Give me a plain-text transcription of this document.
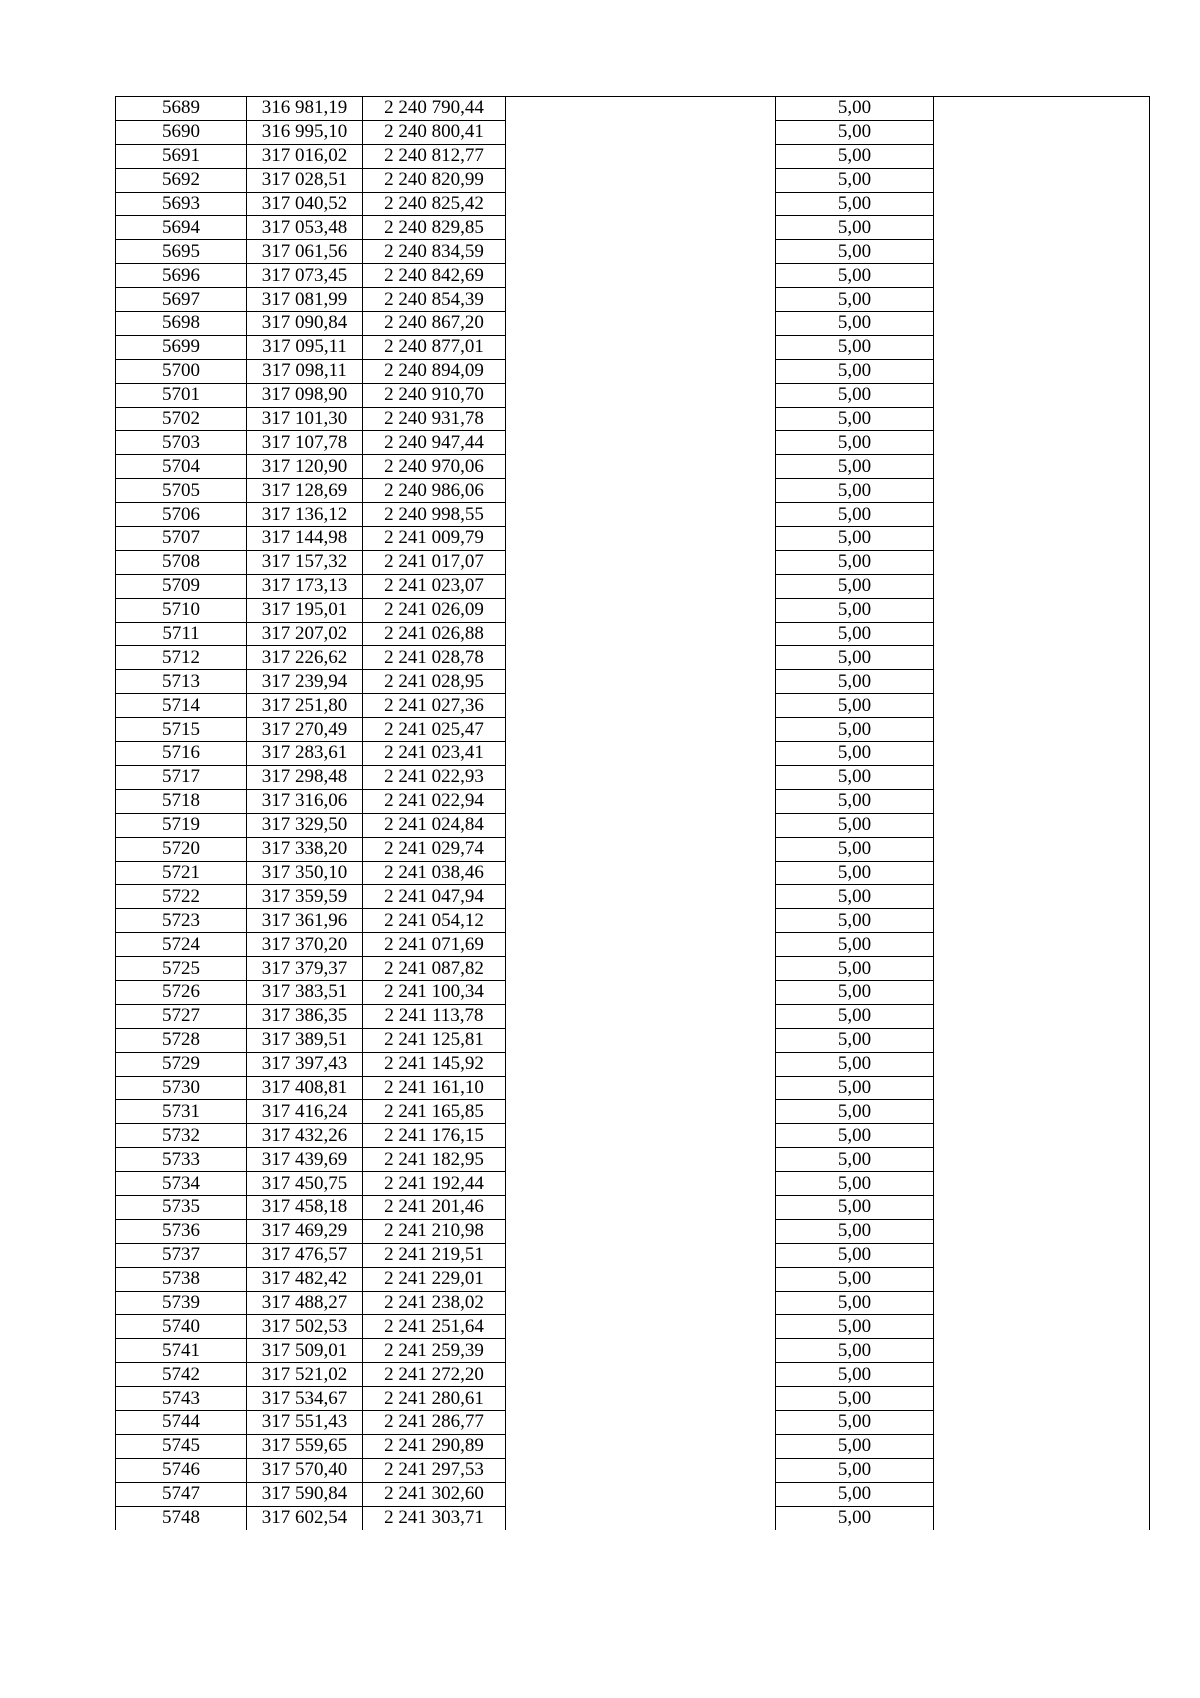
5689	316 981,19	2 240 790,44		5,00	
5690	316 995,10	2 240 800,41		5,00	
5691	317 016,02	2 240 812,77		5,00	
5692	317 028,51	2 240 820,99		5,00	
5693	317 040,52	2 240 825,42		5,00	
5694	317 053,48	2 240 829,85		5,00	
5695	317 061,56	2 240 834,59		5,00	
5696	317 073,45	2 240 842,69		5,00	
5697	317 081,99	2 240 854,39		5,00	
5698	317 090,84	2 240 867,20		5,00	
5699	317 095,11	2 240 877,01		5,00	
5700	317 098,11	2 240 894,09		5,00	
5701	317 098,90	2 240 910,70		5,00	
5702	317 101,30	2 240 931,78		5,00	
5703	317 107,78	2 240 947,44		5,00	
5704	317 120,90	2 240 970,06		5,00	
5705	317 128,69	2 240 986,06		5,00	
5706	317 136,12	2 240 998,55		5,00	
5707	317 144,98	2 241 009,79		5,00	
5708	317 157,32	2 241 017,07		5,00	
5709	317 173,13	2 241 023,07		5,00	
5710	317 195,01	2 241 026,09		5,00	
5711	317 207,02	2 241 026,88		5,00	
5712	317 226,62	2 241 028,78		5,00	
5713	317 239,94	2 241 028,95		5,00	
5714	317 251,80	2 241 027,36		5,00	
5715	317 270,49	2 241 025,47		5,00	
5716	317 283,61	2 241 023,41		5,00	
5717	317 298,48	2 241 022,93		5,00	
5718	317 316,06	2 241 022,94		5,00	
5719	317 329,50	2 241 024,84		5,00	
5720	317 338,20	2 241 029,74		5,00	
5721	317 350,10	2 241 038,46		5,00	
5722	317 359,59	2 241 047,94		5,00	
5723	317 361,96	2 241 054,12		5,00	
5724	317 370,20	2 241 071,69		5,00	
5725	317 379,37	2 241 087,82		5,00	
5726	317 383,51	2 241 100,34		5,00	
5727	317 386,35	2 241 113,78		5,00	
5728	317 389,51	2 241 125,81		5,00	
5729	317 397,43	2 241 145,92		5,00	
5730	317 408,81	2 241 161,10		5,00	
5731	317 416,24	2 241 165,85		5,00	
5732	317 432,26	2 241 176,15		5,00	
5733	317 439,69	2 241 182,95		5,00	
5734	317 450,75	2 241 192,44		5,00	
5735	317 458,18	2 241 201,46		5,00	
5736	317 469,29	2 241 210,98		5,00	
5737	317 476,57	2 241 219,51		5,00	
5738	317 482,42	2 241 229,01		5,00	
5739	317 488,27	2 241 238,02		5,00	
5740	317 502,53	2 241 251,64		5,00	
5741	317 509,01	2 241 259,39		5,00	
5742	317 521,02	2 241 272,20		5,00	
5743	317 534,67	2 241 280,61		5,00	
5744	317 551,43	2 241 286,77		5,00	
5745	317 559,65	2 241 290,89		5,00	
5746	317 570,40	2 241 297,53		5,00	
5747	317 590,84	2 241 302,60		5,00	
5748	317 602,54	2 241 303,71		5,00	
